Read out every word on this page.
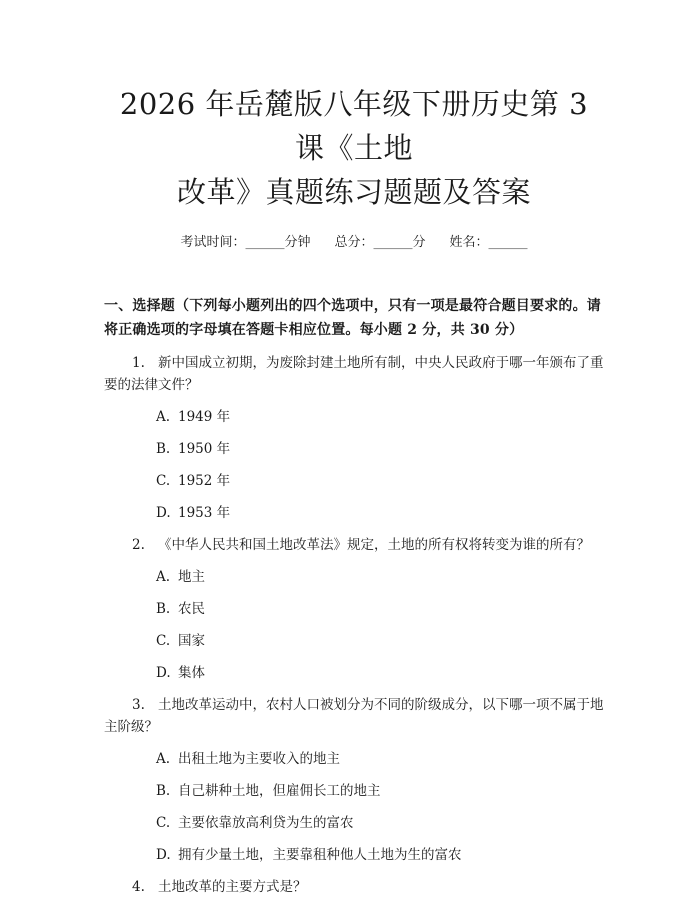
2026 年岳麓版八年级下册历史第 3 课《土地
改革》真题练习题题及答案
考试时间：______分钟 总分：______分 姓名：______
一、选择题（下列每小题列出的四个选项中，只有一项是最符合题目要求的。请将正确选项的字母填在答题卡相应位置。每小题 2 分，共 30 分）
1. 新中国成立初期，为废除封建土地所有制，中央人民政府于哪一年颁布了重要的法律文件？
A. 1949 年
B. 1950 年
C. 1952 年
D. 1953 年
2. 《中华人民共和国土地改革法》规定，土地的所有权将转变为谁的所有？
A. 地主
B. 农民
C. 国家
D. 集体
3. 土地改革运动中，农村人口被划分为不同的阶级成分，以下哪一项不属于地主阶级？
A. 出租土地为主要收入的地主
B. 自己耕种土地，但雇佣长工的地主
C. 主要依靠放高利贷为生的富农
D. 拥有少量土地，主要靠租种他人土地为生的富农
4. 土地改革的主要方式是？
